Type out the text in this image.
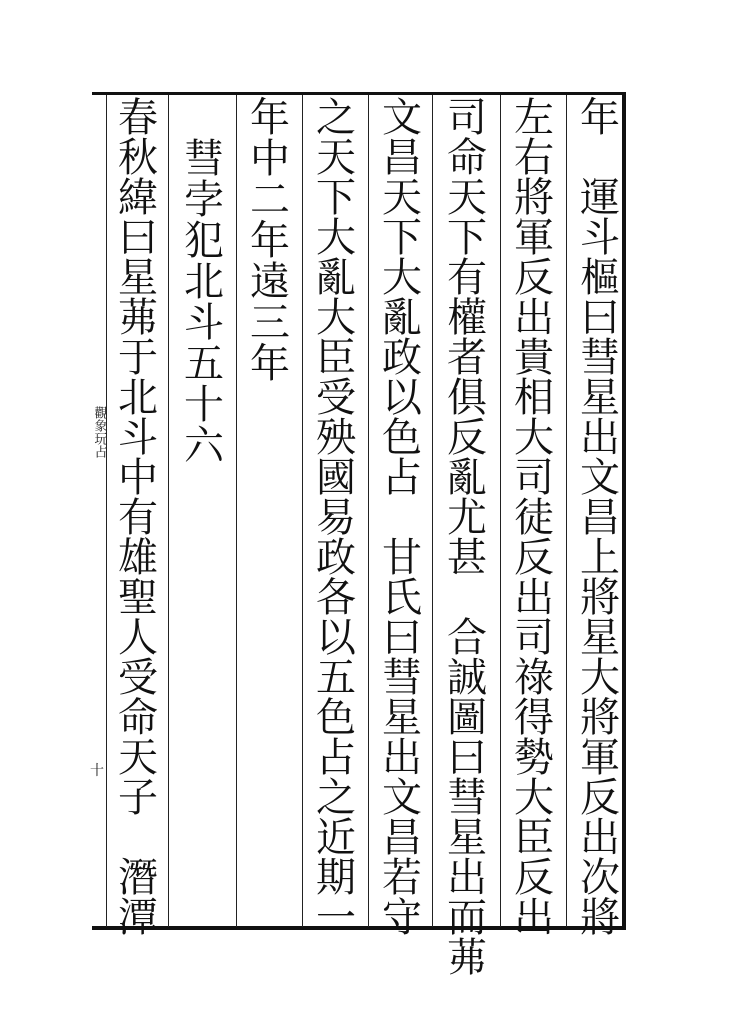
觀象玩占
十
年

運
斗
樞
曰
彗
星
出
文
昌
上
將
星
大
將
軍
反
出
次
將
左
右
將
軍
反
出
貴
相
大
司
徒
反
出
司
祿
得
勢
大
臣
反
出
司
命
天
下
有
權
者
俱
反
亂
尤
甚

合
誠
圖
曰
彗
星
出
而
茀
文
昌
天
下
大
亂
政
以
色
占

甘
氏
曰
彗
星
出
文
昌
若
守
之
天
下
大
亂
大
臣
受
殃
國
易
政
各
以
五
色
占
之
近
期
一
年
中
二
年
遠
三
年

彗
孛
犯
北
斗
五
十
六
春
秋
緯
曰
星
茀
于
北
斗
中
有
雄
聖
人
受
命
天
子

潛
潭
